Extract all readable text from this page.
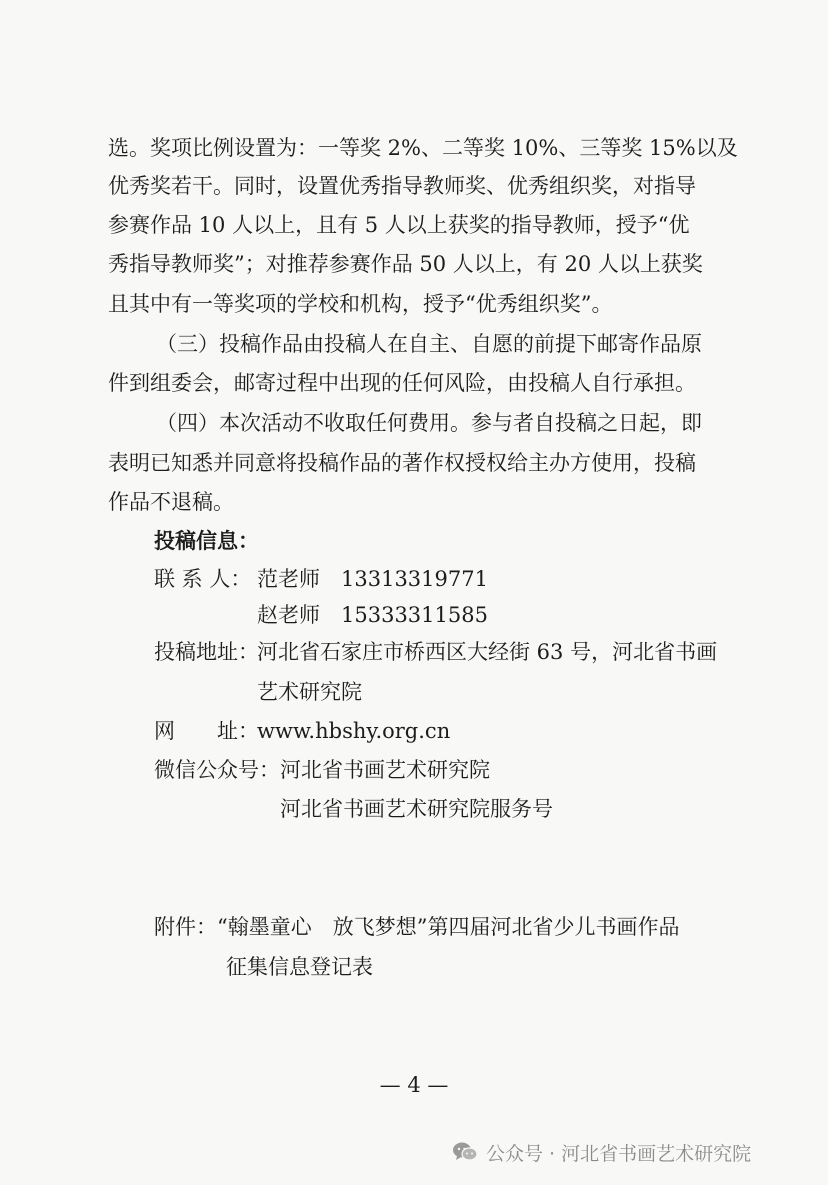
选。奖项比例设置为：一等奖 2%、二等奖 10%、三等奖 15%以及
优秀奖若干。同时，设置优秀指导教师奖、优秀组织奖，对指导
参赛作品 10 人以上，且有 5 人以上获奖的指导教师，授予“优
秀指导教师奖”；对推荐参赛作品 50 人以上，有 20 人以上获奖
且其中有一等奖项的学校和机构，授予“优秀组织奖”。
（三）投稿作品由投稿人在自主、自愿的前提下邮寄作品原
件到组委会，邮寄过程中出现的任何风险，由投稿人自行承担。
（四）本次活动不收取任何费用。参与者自投稿之日起，即
表明已知悉并同意将投稿作品的著作权授权给主办方使用，投稿
作品不退稿。
投稿信息：
联 系 人： 范老师　13313319771
赵老师　15333311585
投稿地址：
河北省石家庄市桥西区大经街 63 号，河北省书画
艺术研究院
网　　址：
www.hbshy.org.cn
微信公众号： 河北省书画艺术研究院
河北省书画艺术研究院服务号
附件：“翰墨童心　放飞梦想”第四届河北省少儿书画作品
征集信息登记表
— 4 —
公众号 · 河北省书画艺术研究院
